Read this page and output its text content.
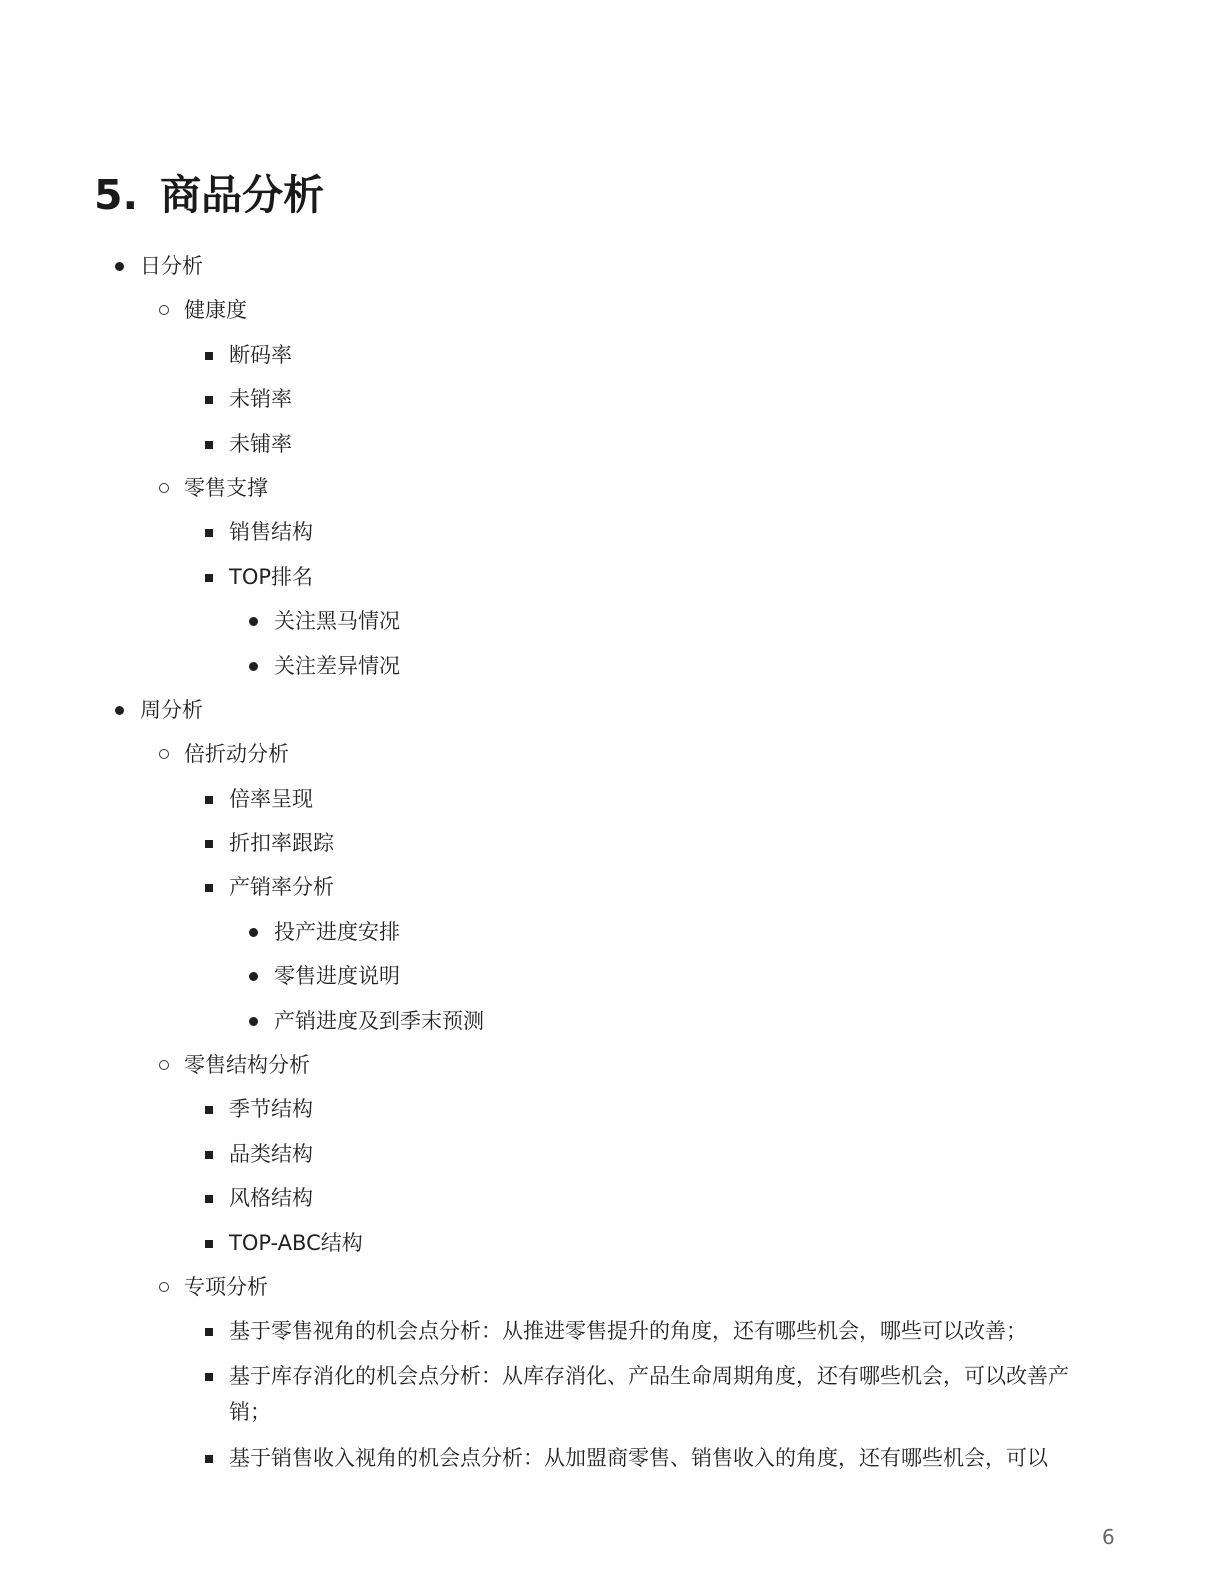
5. 商品分析
日分析
健康度
断码率
未销率
未铺率
零售支撑
销售结构
TOP排名
关注黑马情况
关注差异情况
周分析
倍折动分析
倍率呈现
折扣率跟踪
产销率分析
投产进度安排
零售进度说明
产销进度及到季末预测
零售结构分析
季节结构
品类结构
风格结构
TOP-ABC结构
专项分析
基于零售视角的机会点分析：从推进零售提升的角度，还有哪些机会，哪些可以改善；
基于库存消化的机会点分析：从库存消化、产品生命周期角度，还有哪些机会，可以改善产销；
基于销售收入视角的机会点分析：从加盟商零售、销售收入的角度，还有哪些机会，可以
6
